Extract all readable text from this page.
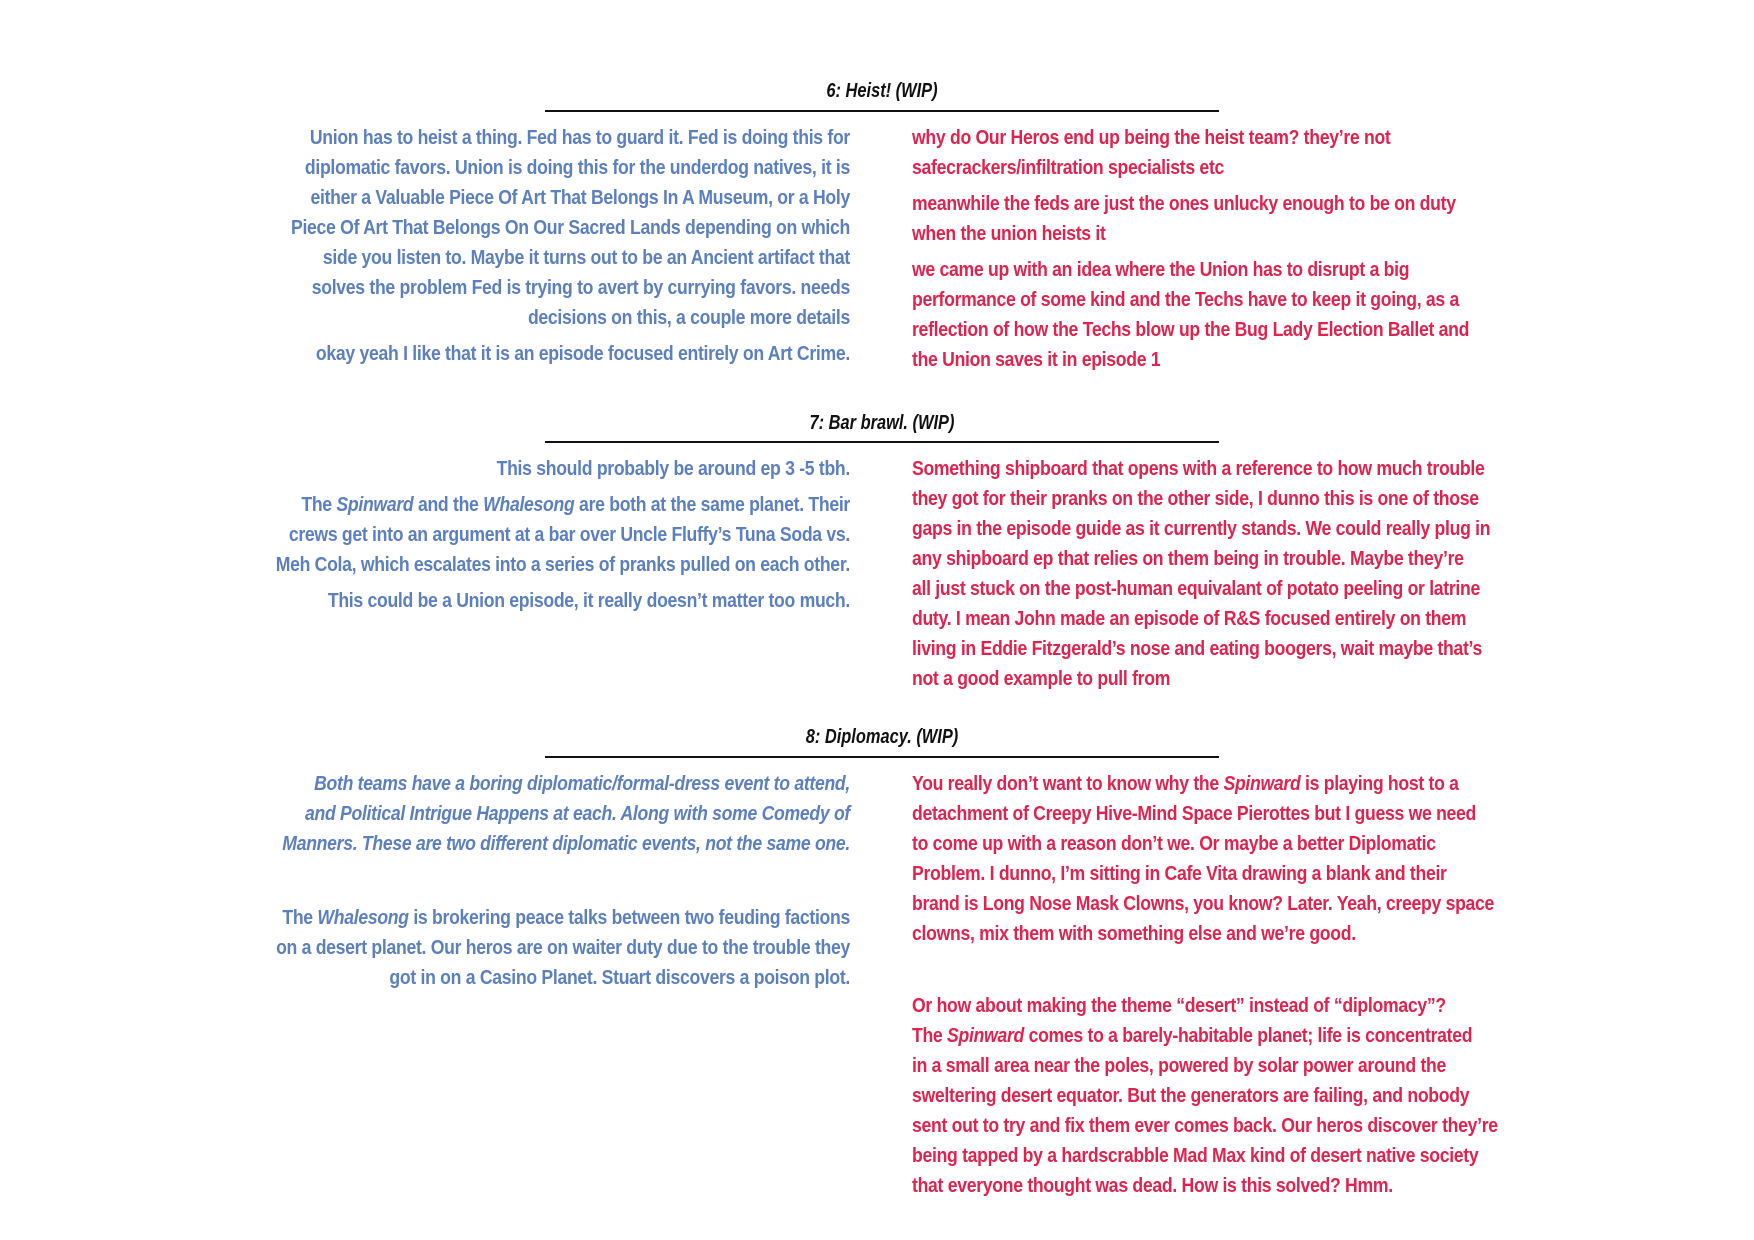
6: Heist! (WIP)

Union has to heist a thing. Fed has to guard it. Fed is doing this for
diplomatic favors. Union is doing this for the underdog natives, it is
either a Valuable Piece Of Art That Belongs In A Museum, or a Holy
Piece Of Art That Belongs On Our Sacred Lands depending on which
side you listen to. Maybe it turns out to be an Ancient artifact that
solves the problem Fed is trying to avert by currying favors. needs
decisions on this, a couple more details

okay yeah I like that it is an episode focused entirely on Art Crime.

why do Our Heros end up being the heist team? they’re not
safecrackers/infiltration specialists etc

meanwhile the feds are just the ones unlucky enough to be on duty
when the union heists it

we came up with an idea where the Union has to disrupt a big
performance of some kind and the Techs have to keep it going, as a
reflection of how the Techs blow up the Bug Lady Election Ballet and
the Union saves it in episode 1

7: Bar brawl. (WIP)

This should probably be around ep 3 -5 tbh.

The Spinward and the Whalesong are both at the same planet. Their
crews get into an argument at a bar over Uncle Fluffy’s Tuna Soda vs.
Meh Cola, which escalates into a series of pranks pulled on each other.

This could be a Union episode, it really doesn’t matter too much.

Something shipboard that opens with a reference to how much trouble
they got for their pranks on the other side, I dunno this is one of those
gaps in the episode guide as it currently stands. We could really plug in
any shipboard ep that relies on them being in trouble. Maybe they’re
all just stuck on the post-human equivalant of potato peeling or latrine
duty. I mean John made an episode of R&S focused entirely on them
living in Eddie Fitzgerald’s nose and eating boogers, wait maybe that’s
not a good example to pull from

8: Diplomacy. (WIP)

Both teams have a boring diplomatic/formal-dress event to attend,
and Political Intrigue Happens at each. Along with some Comedy of
Manners. These are two different diplomatic events, not the same one.

The Whalesong is brokering peace talks between two feuding factions
on a desert planet. Our heros are on waiter duty due to the trouble they
got in on a Casino Planet. Stuart discovers a poison plot.

You really don’t want to know why the Spinward is playing host to a
detachment of Creepy Hive-Mind Space Pierottes but I guess we need
to come up with a reason don’t we. Or maybe a better Diplomatic
Problem. I dunno, I’m sitting in Cafe Vita drawing a blank and their
brand is Long Nose Mask Clowns, you know? Later. Yeah, creepy space
clowns, mix them with something else and we’re good.

Or how about making the theme “desert” instead of “diplomacy”?
The Spinward comes to a barely-habitable planet; life is concentrated
in a small area near the poles, powered by solar power around the
sweltering desert equator. But the generators are failing, and nobody
sent out to try and fix them ever comes back. Our heros discover they’re
being tapped by a hardscrabble Mad Max kind of desert native society
that everyone thought was dead. How is this solved? Hmm.
